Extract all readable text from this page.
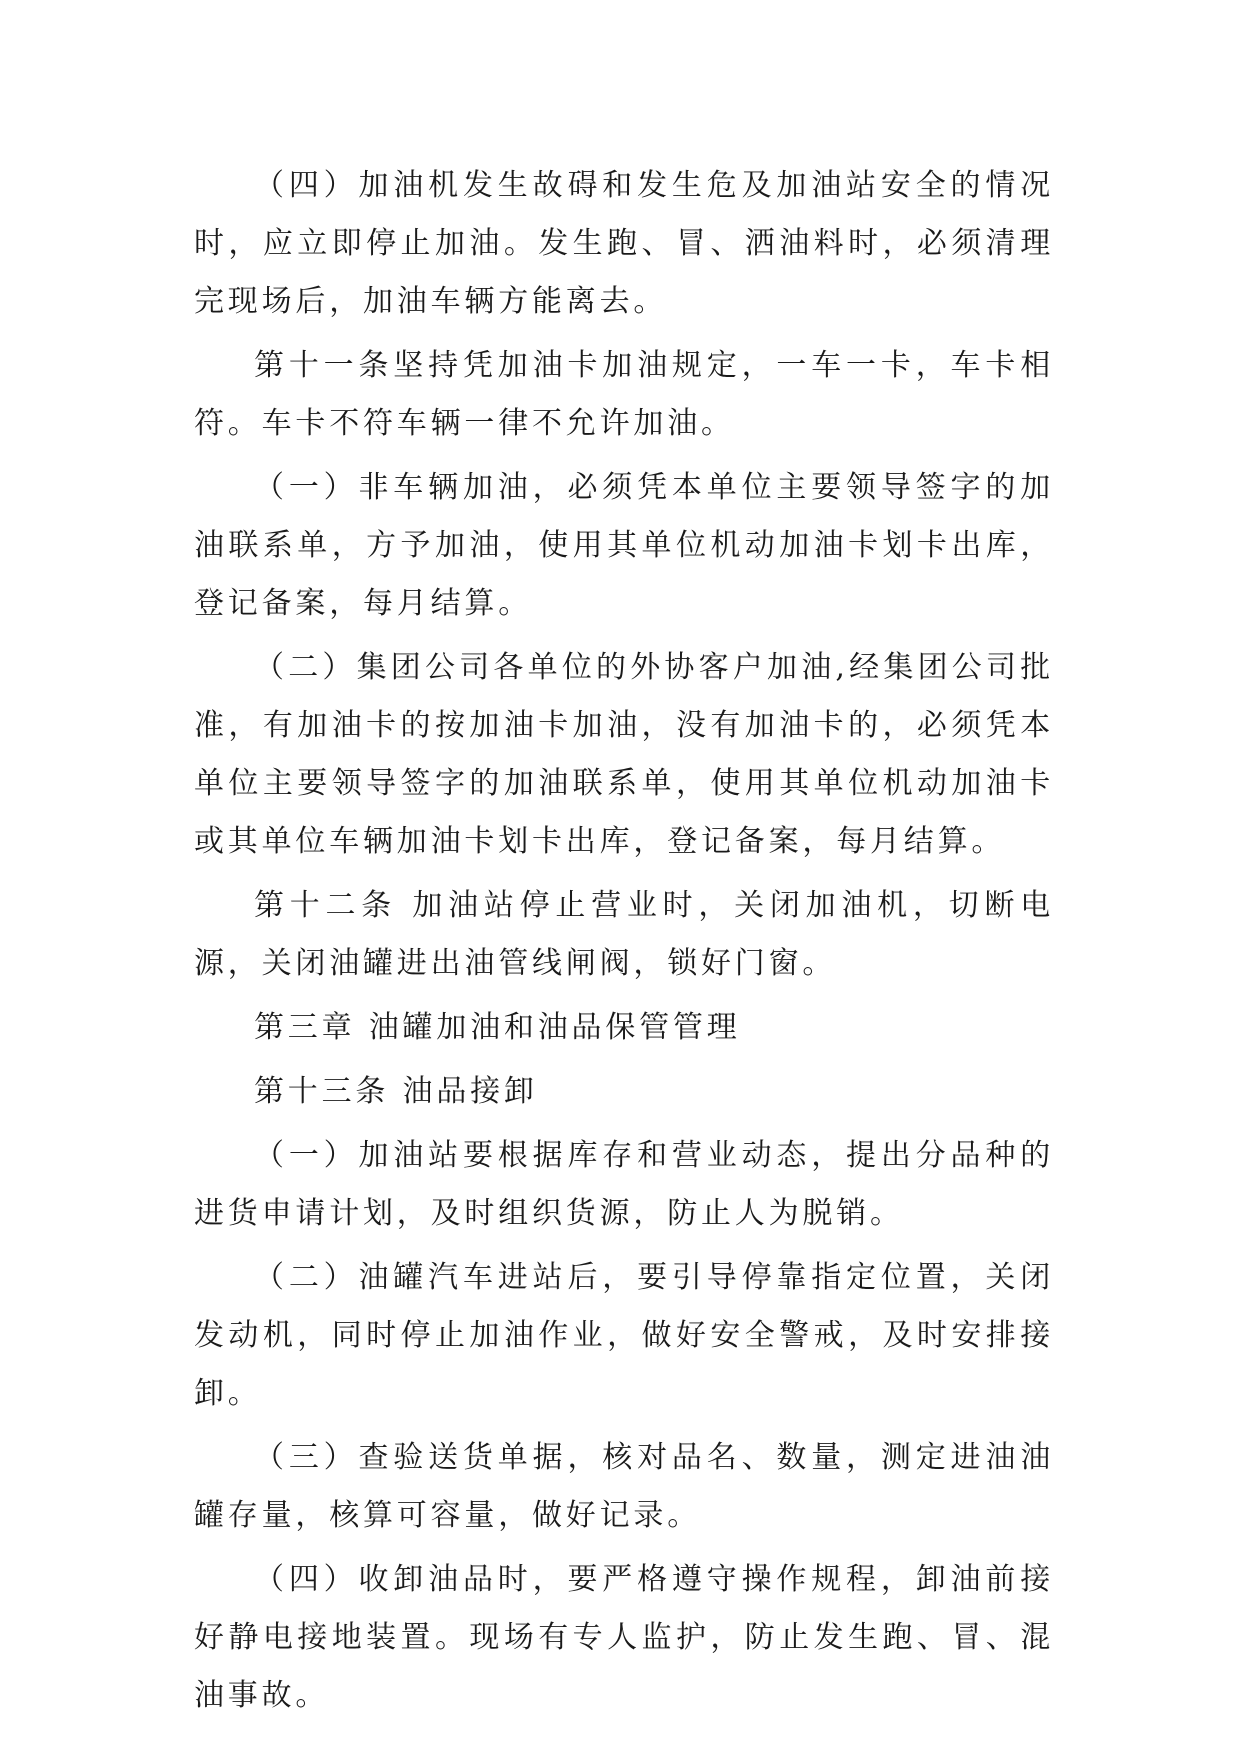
（四）加油机发生故碍和发生危及加油站安全的情况时，应立即停止加油。发生跑、冒、洒油料时，必须清理完现场后，加油车辆方能离去。

第十一条坚持凭加油卡加油规定，一车一卡，车卡相符。车卡不符车辆一律不允许加油。

（一）非车辆加油，必须凭本单位主要领导签字的加油联系单，方予加油，使用其单位机动加油卡划卡出库，登记备案，每月结算。

（二）集团公司各单位的外协客户加油,经集团公司批准，有加油卡的按加油卡加油，没有加油卡的，必须凭本单位主要领导签字的加油联系单，使用其单位机动加油卡或其单位车辆加油卡划卡出库，登记备案，每月结算。

第十二条 加油站停止营业时，关闭加油机，切断电源，关闭油罐进出油管线闸阀，锁好门窗。

第三章 油罐加油和油品保管管理

第十三条 油品接卸

（一）加油站要根据库存和营业动态，提出分品种的进货申请计划，及时组织货源，防止人为脱销。

（二）油罐汽车进站后，要引导停靠指定位置，关闭发动机，同时停止加油作业，做好安全警戒，及时安排接卸。

（三）查验送货单据，核对品名、数量，测定进油油罐存量，核算可容量，做好记录。

（四）收卸油品时，要严格遵守操作规程，卸油前接好静电接地装置。现场有专人监护，防止发生跑、冒、混油事故。
